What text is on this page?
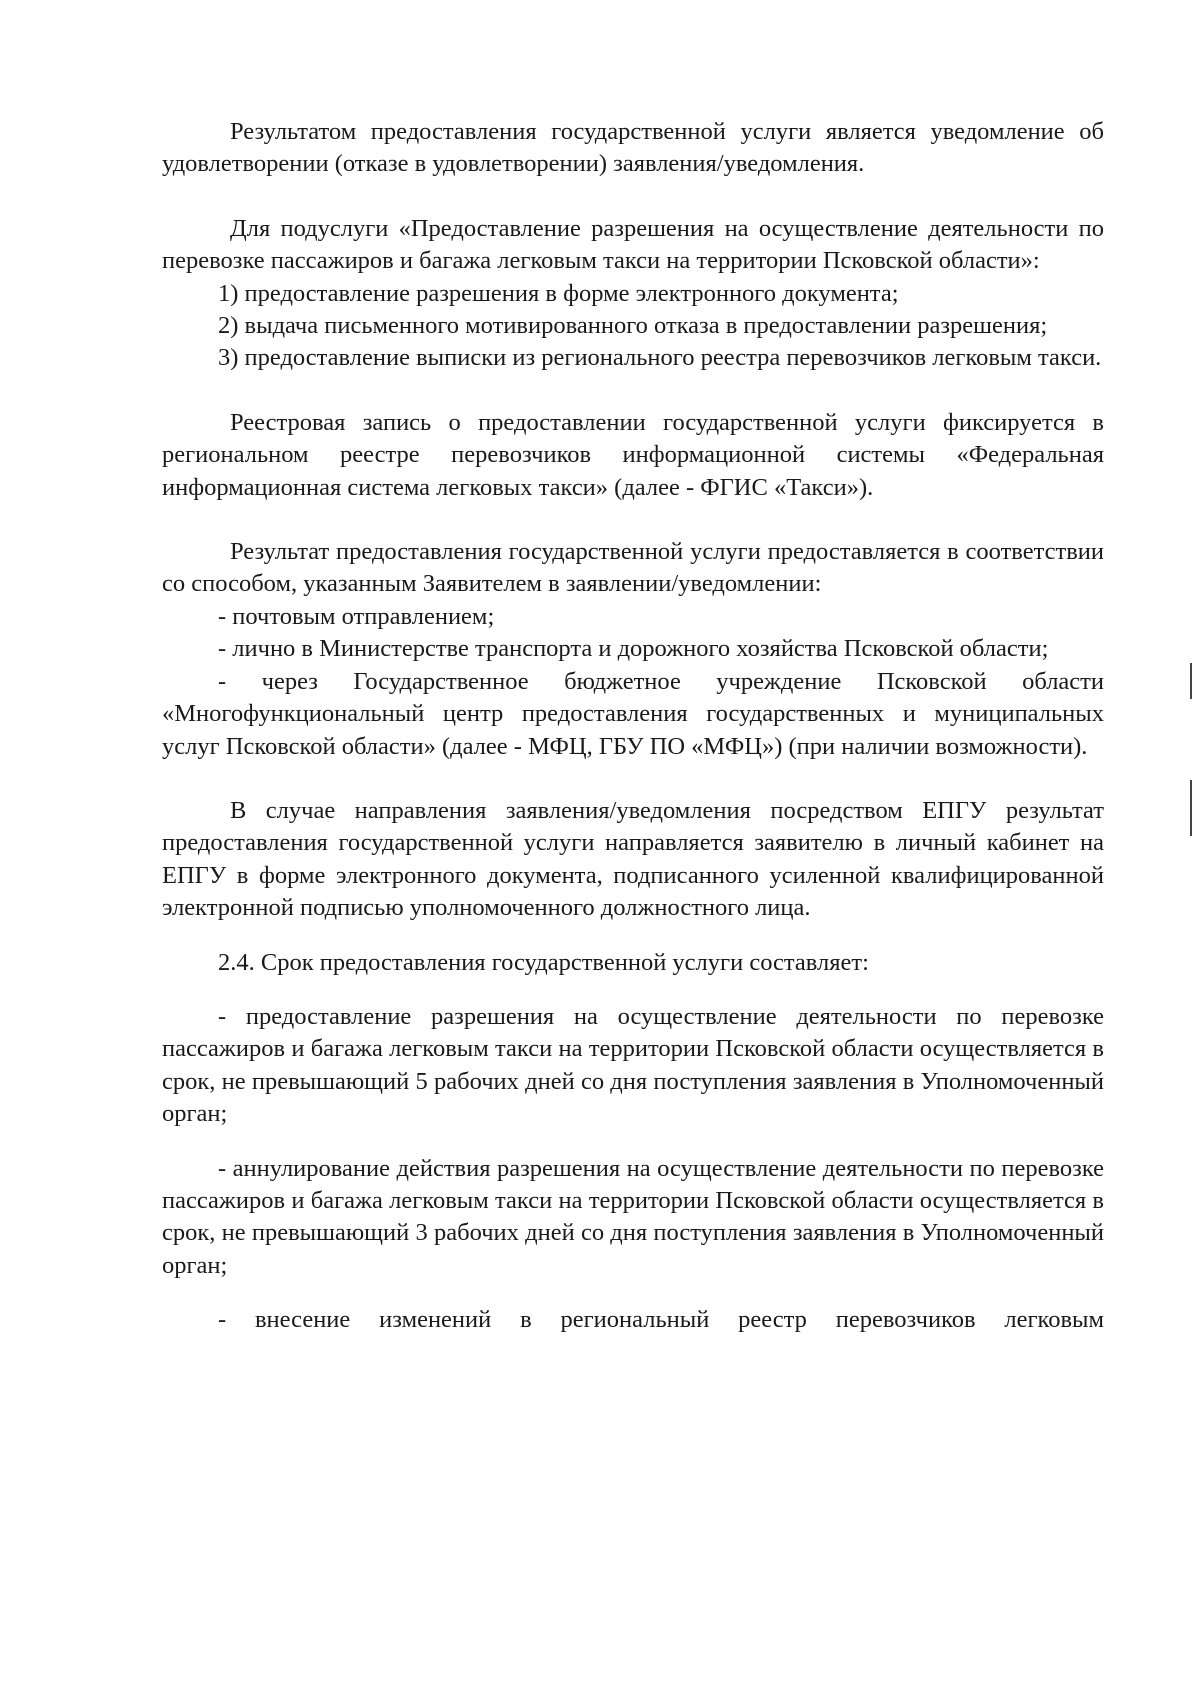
Результатом предоставления государственной услуги является уведомление об удовлетворении (отказе в удовлетворении) заявления/уведомления.

Для подуслуги «Предоставление разрешения на осуществление деятельности по перевозке пассажиров и багажа легковым такси на территории Псковской области»:

1) предоставление разрешения в форме электронного документа;

2) выдача письменного мотивированного отказа в предоставлении разрешения;

3) предоставление выписки из регионального реестра перевозчиков легковым такси.

Реестровая запись о предоставлении государственной услуги фиксируется в региональном реестре перевозчиков информационной системы «Федеральная информационная система легковых такси» (далее - ФГИС «Такси»).

Результат предоставления государственной услуги предоставляется в соответствии со способом, указанным Заявителем в заявлении/уведомлении:

- почтовым отправлением;

- лично в Министерстве транспорта и дорожного хозяйства Псковской области;

- через Государственное бюджетное учреждение Псковской области «Многофункциональный центр предоставления государственных и муниципальных услуг Псковской области» (далее - МФЦ, ГБУ ПО «МФЦ») (при наличии возможности).

В случае направления заявления/уведомления посредством ЕПГУ результат предоставления государственной услуги направляется заявителю в личный кабинет на ЕПГУ в форме электронного документа, подписанного усиленной квалифицированной электронной подписью уполномоченного должностного лица.

2.4. Срок предоставления государственной услуги составляет:

- предоставление разрешения на осуществление деятельности по перевозке пассажиров и багажа легковым такси на территории Псковской области осуществляется в срок, не превышающий 5 рабочих дней со дня поступления заявления в Уполномоченный орган;

- аннулирование действия разрешения на осуществление деятельности по перевозке пассажиров и багажа легковым такси на территории Псковской области осуществляется в срок, не превышающий 3 рабочих дней со дня поступления заявления в Уполномоченный орган;

- внесение изменений в региональный реестр перевозчиков легковым
